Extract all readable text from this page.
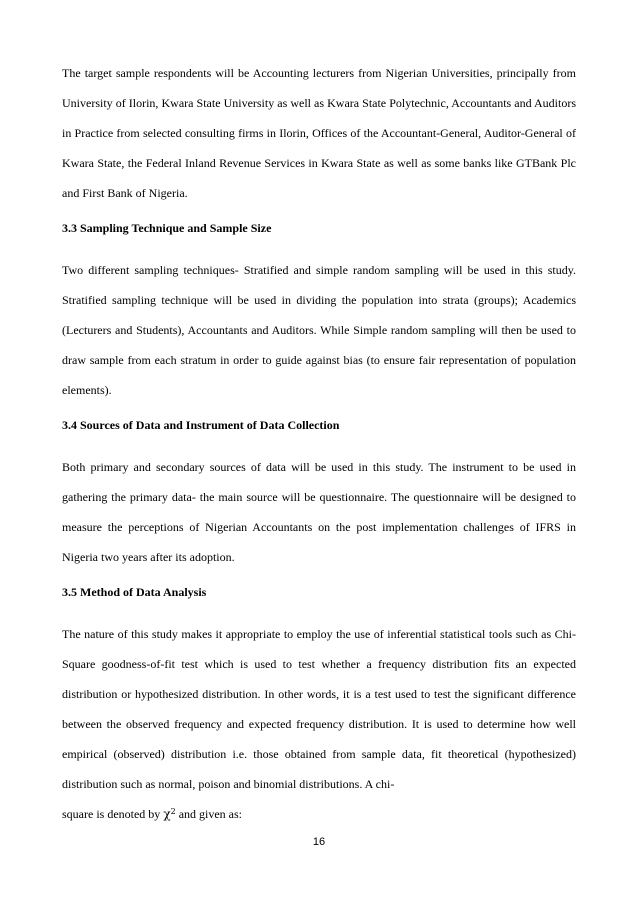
The target sample respondents will be Accounting lecturers from Nigerian Universities, principally from University of Ilorin, Kwara State University as well as Kwara State Polytechnic, Accountants and Auditors in Practice from selected consulting firms in Ilorin, Offices of the Accountant-General, Auditor-General of Kwara State, the Federal Inland Revenue Services in Kwara State as well as some banks like GTBank Plc and First Bank of Nigeria.

3.3 Sampling Technique and Sample Size

Two different sampling techniques- Stratified and simple random sampling will be used in this study. Stratified sampling technique will be used in dividing the population into strata (groups); Academics (Lecturers and Students), Accountants and Auditors. While Simple random sampling will then be used to draw sample from each stratum in order to guide against bias (to ensure fair representation of population elements).

3.4 Sources of Data and Instrument of Data Collection

Both primary and secondary sources of data will be used in this study. The instrument to be used in gathering the primary data- the main source will be questionnaire. The questionnaire will be designed to measure the perceptions of Nigerian Accountants on the post implementation challenges of IFRS in Nigeria two years after its adoption.

3.5 Method of Data Analysis

The nature of this study makes it appropriate to employ the use of inferential statistical tools such as Chi-Square goodness-of-fit test which is used to test whether a frequency distribution fits an expected distribution or hypothesized distribution. In other words, it is a test used to test the significant difference between the observed frequency and expected frequency distribution. It is used to determine how well empirical (observed) distribution i.e. those obtained from sample data, fit theoretical (hypothesized) distribution such as normal, poison and binomial distributions. A chi-

square is denoted by $\chi^2$ and given as:

16
